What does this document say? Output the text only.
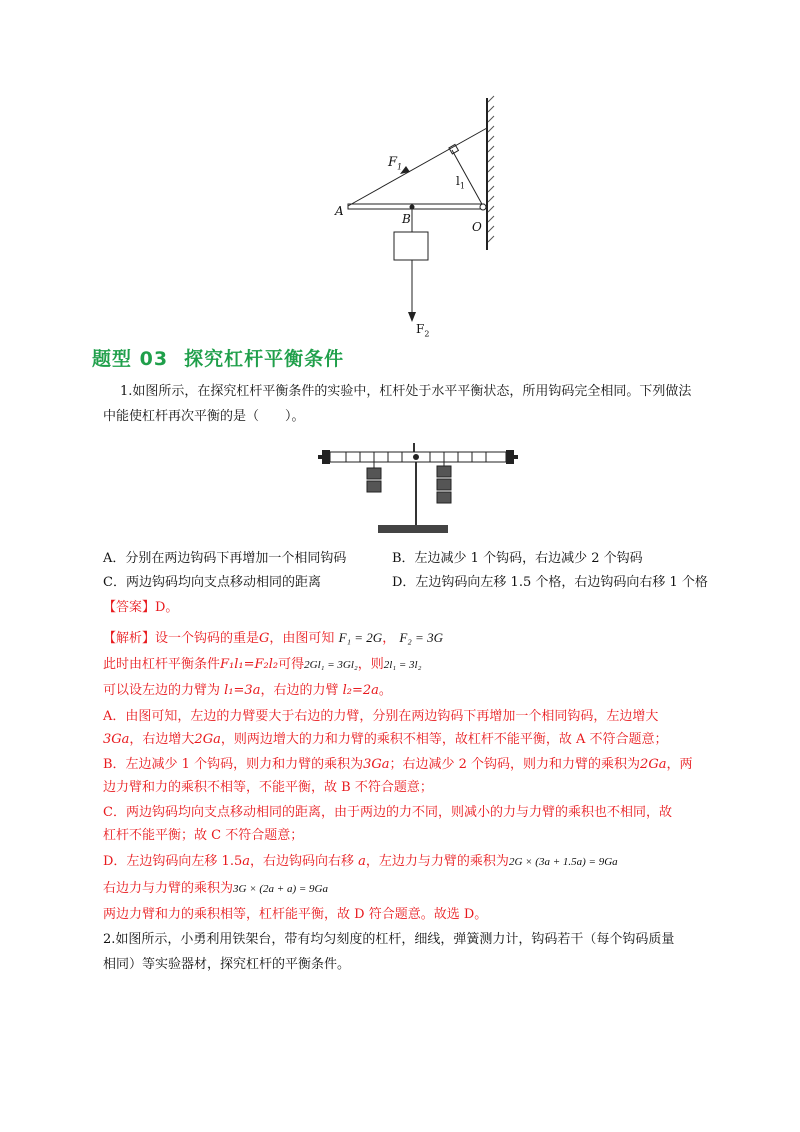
$F_1$
$l_1$
A
B
O
$F_2$
题型 03 探究杠杆平衡条件
1.如图所示，在探究杠杆平衡条件的实验中，杠杆处于水平平衡状态，所用钩码完全相同。下列做法
中能使杠杆再次平衡的是（　　）。
A．分别在两边钩码下再增加一个相同钩码	B．左边减少 1 个钩码，右边减少 2 个钩码
C．两边钩码均向支点移动相同的距离	D．左边钩码向左移 1.5 个格，右边钩码向右移 1 个格
【答案】D。
【解析】设一个钩码的重是G，由图可知 F₁ = 2G， F₂ = 3G
此时由杠杆平衡条件F₁l₁=F₂l₂可得2Gl₁ = 3Gl₂，则2l₁ = 3l₂
可以设左边的力臂为 l₁=3a，右边的力臂 l₂=2a。
A．由图可知，左边的力臂要大于右边的力臂，分别在两边钩码下再增加一个相同钩码，左边增大
3Ga，右边增大2Ga，则两边增大的力和力臂的乘积不相等，故杠杆不能平衡，故 A 不符合题意；
B．左边减少 1 个钩码，则力和力臂的乘积为3Ga；右边减少 2 个钩码，则力和力臂的乘积为2Ga，两
边力臂和力的乘积不相等，不能平衡，故 B 不符合题意；
C．两边钩码均向支点移动相同的距离，由于两边的力不同，则减小的力与力臂的乘积也不相同，故
杠杆不能平衡；故 C 不符合题意；
D．左边钩码向左移 1.5a，右边钩码向右移 a，左边力与力臂的乘积为2G × (3a + 1.5a) = 9Ga
右边力与力臂的乘积为3G × (2a + a) = 9Ga
两边力臂和力的乘积相等，杠杆能平衡，故 D 符合题意。故选 D。
2.如图所示，小勇利用铁架台，带有均匀刻度的杠杆，细线，弹簧测力计，钩码若干（每个钩码质量
相同）等实验器材，探究杠杆的平衡条件。
